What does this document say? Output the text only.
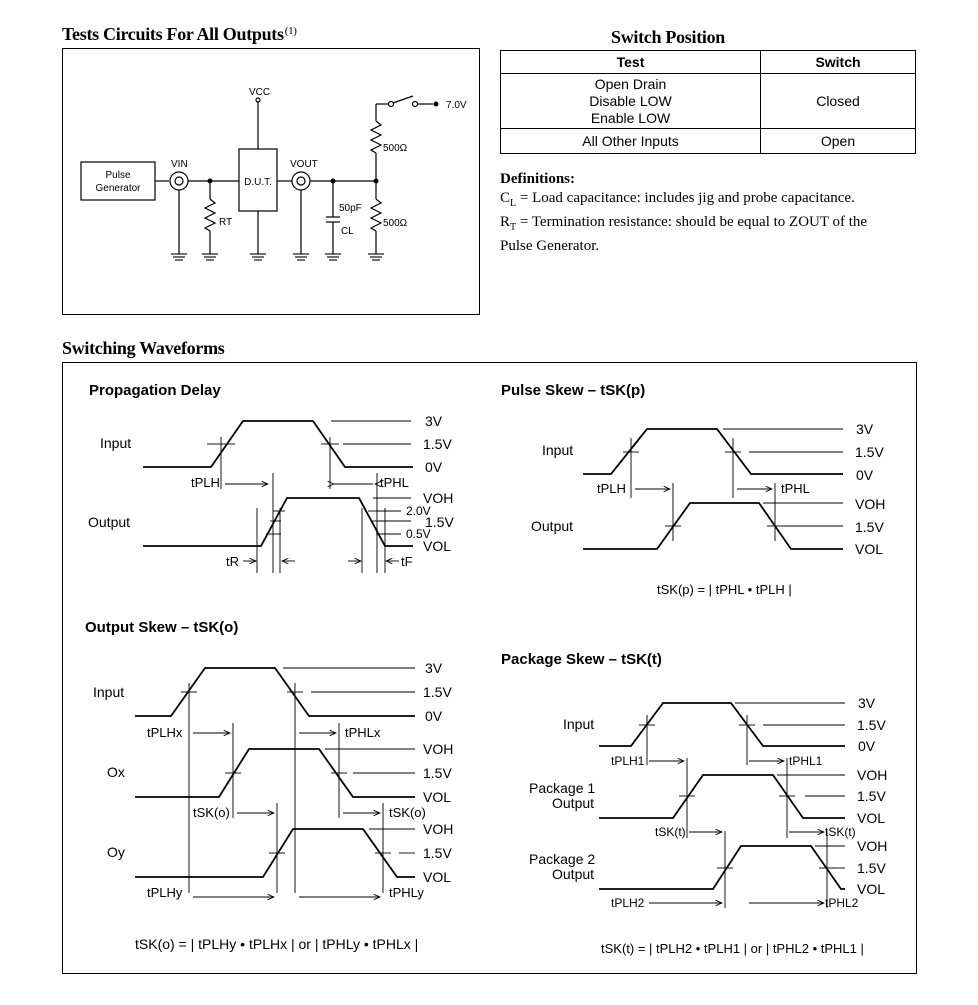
Tests Circuits For All Outputs$^{(1)}$
Pulse
Generator
VIN
VCC
D.U.T.
VOUT
RT
50pF
CL
500Ω
500Ω
7.0V
Switch Position
Test	Switch

Open Drain
Disable LOW
Enable LOW	Closed
All Other Inputs	Open
Definitions:
$C_L$ = Load capacitance: includes jig and probe capacitance.
$R_T$ = Termination resistance: should be equal to ZOUT of the
Pulse Generator.
Switching Waveforms
Propagation Delay
Input
Output
3V
1.5V
0V
VOH
2.0V
1.5V
0.5V
VOL
tPLH	tPHL
tR	tF
Pulse Skew – tSK(p)
Input
Output
3V
1.5V
0V
VOH
1.5V
VOL
tPLH	tPHL
tSK(p) = | tPHL • tPLH |
Output Skew – tSK(o)
Input
Ox
Oy
3V
1.5V
0V
VOH
1.5V
VOL
VOH
1.5V
VOL
tPLHx	tPHLx
tSK(o)	tSK(o)
tPLHy	tPHLy
tSK(o) = | tPLHy • tPLHx | or | tPHLy • tPHLx |
Package Skew – tSK(t)
Input
Package 1
Output
Package 2
Output
3V
1.5V
0V
VOH
1.5V
VOL
VOH
1.5V
VOL
tPLH1	tPHL1
tSK(t)	tSK(t)
tPLH2	tPHL2
tSK(t) = | tPLH2 • tPLH1 | or | tPHL2 • tPHL1 |
